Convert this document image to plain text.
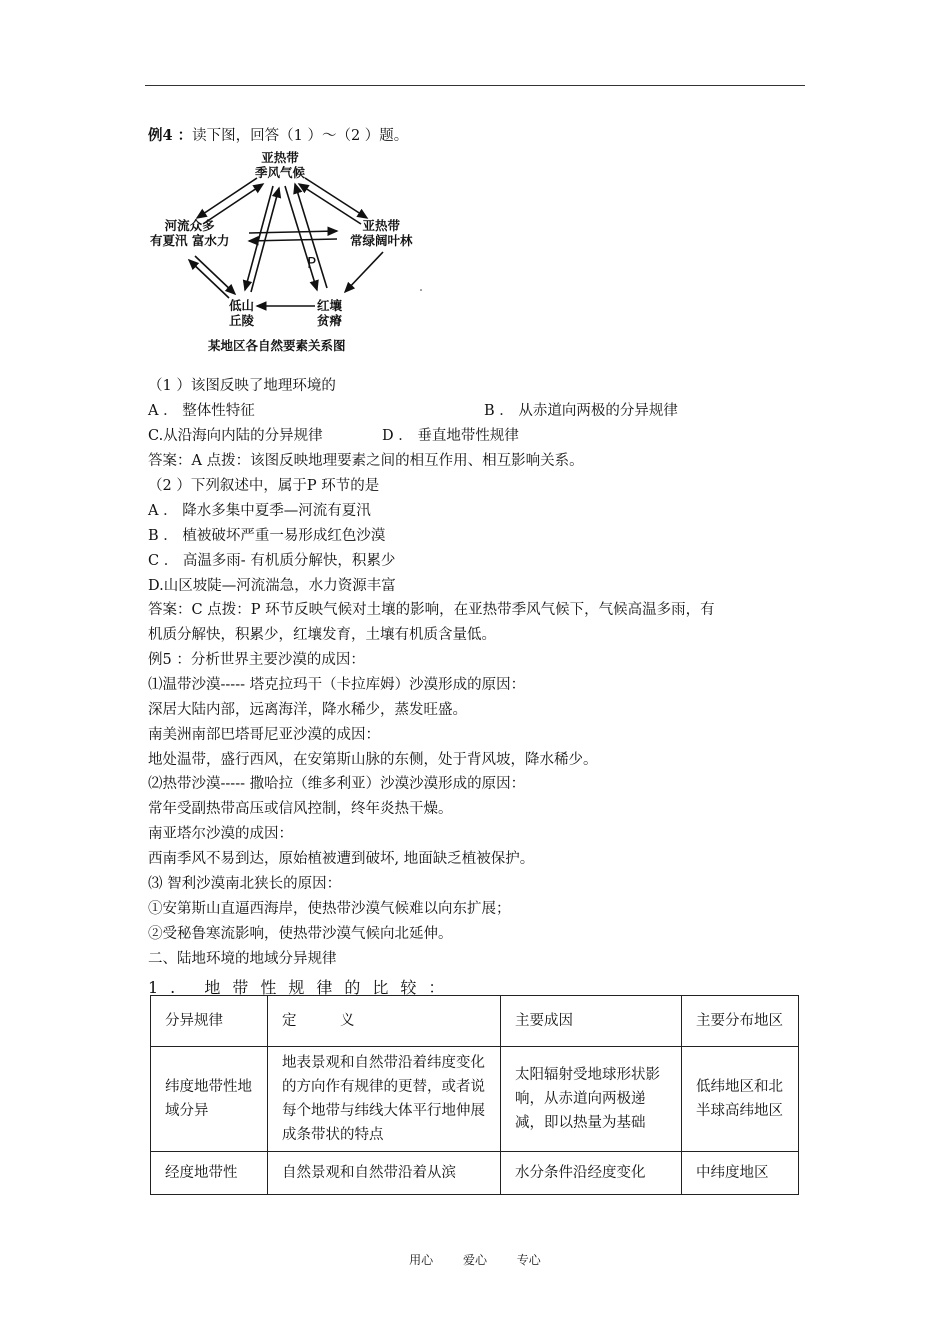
例4 ：读下图，回答（1 ）～（2 ）题。
亚热带
季风气候
河流众多
有夏汛 富水力
亚热带
常绿阔叶林
低山
丘陵
红壤
贫瘠
P
某地区各自然要素关系图
（1 ）该图反映了地理环境的
A ． 整体性特征	B ． 从赤道向两极的分异规律
C.从沿海向内陆的分异规律	D ． 垂直地带性规律
答案：A 点拨：该图反映地理要素之间的相互作用、相互影响关系。
（2 ）下列叙述中，属于P 环节的是
A ． 降水多集中夏季—河流有夏汛
B ． 植被破坏严重一易形成红色沙漠
C ． 高温多雨- 有机质分解快，积累少
D.山区坡陡—河流湍急，水力资源丰富
答案：C 点拨：P 环节反映气候对土壤的影响，在亚热带季风气候下，气候高温多雨，有
机质分解快，积累少，红壤发育，土壤有机质含量低。
例5 ：分析世界主要沙漠的成因：
⑴温带沙漠----- 塔克拉玛干（卡拉库姆）沙漠形成的原因：
深居大陆内部，远离海洋，降水稀少，蒸发旺盛。
南美洲南部巴塔哥尼亚沙漠的成因：
地处温带，盛行西风，在安第斯山脉的东侧，处于背风坡，降水稀少。
⑵热带沙漠----- 撒哈拉（维多利亚）沙漠沙漠形成的原因：
常年受副热带高压或信风控制，终年炎热干燥。
南亚塔尔沙漠的成因：
西南季风不易到达，原始植被遭到破坏, 地面缺乏植被保护。
⑶ 智利沙漠南北狭长的原因：
①安第斯山直逼西海岸，使热带沙漠气候难以向东扩展；
②受秘鲁寒流影响，使热带沙漠气候向北延伸。
二、陆地环境的地域分异规律
1. 地带性规律的比较：
分异规律	定　　　义	主要成因	主要分布地区
纬度地带性地域分异	地表景观和自然带沿着纬度变化的方向作有规律的更替，或者说每个地带与纬线大体平行地伸展成条带状的特点	太阳辐射受地球形状影响，从赤道向两极递减，即以热量为基础	低纬地区和北半球高纬地区
经度地带性	自然景观和自然带沿着从滨	水分条件沿经度变化	中纬度地区
用心 爱心 专心
